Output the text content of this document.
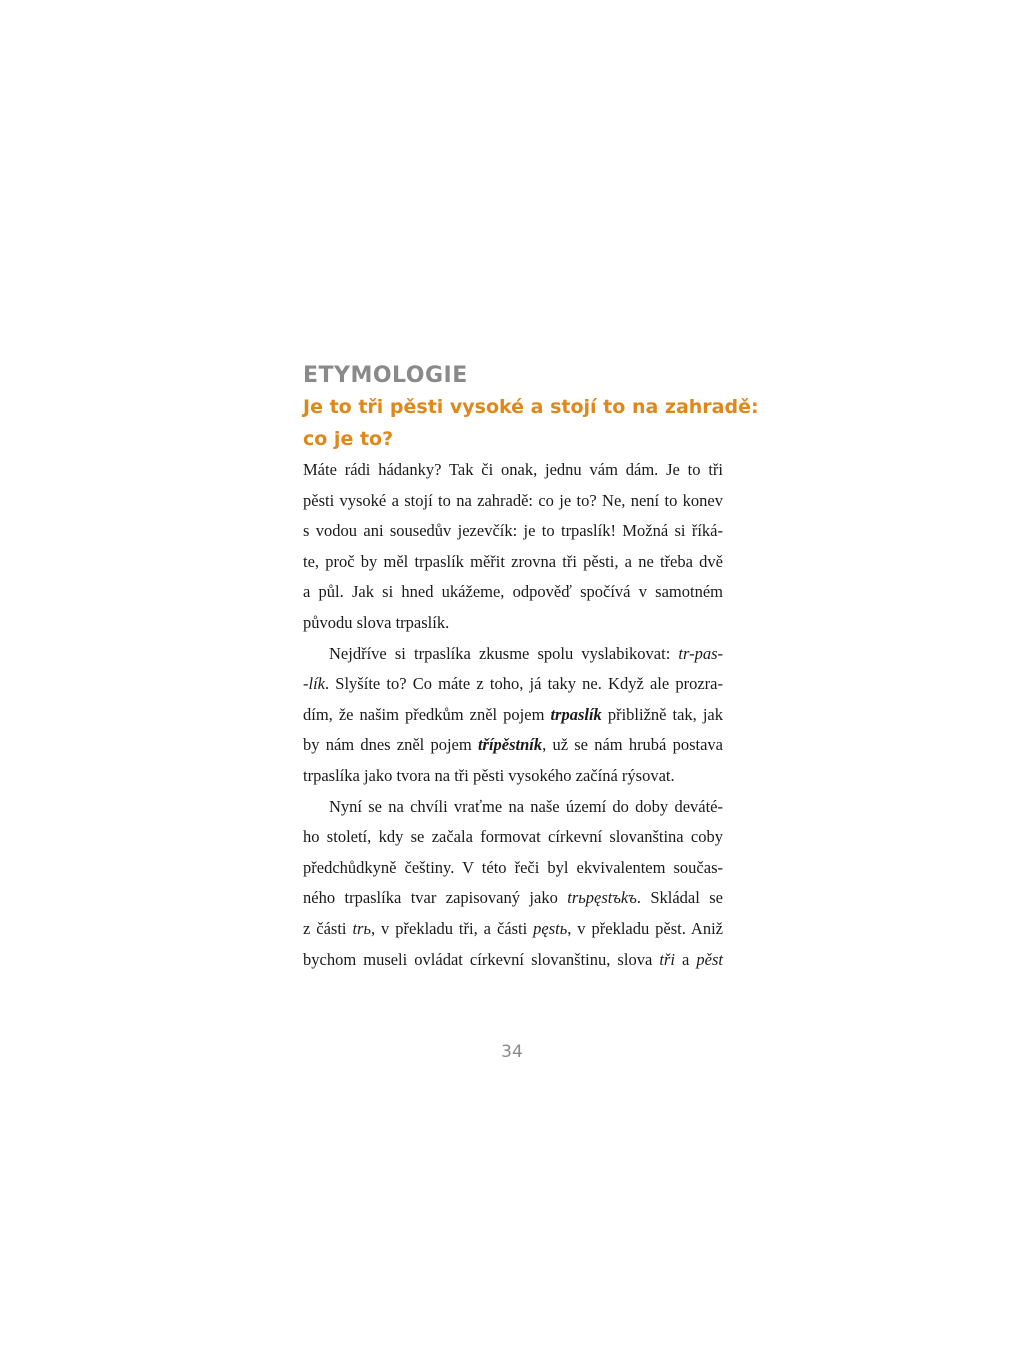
ETYMOLOGIE
Je to tři pěsti vysoké a stojí to na zahradě:
co je to?
Máte rádi hádanky? Tak či onak, jednu vám dám. Je to tři
pěsti vysoké a stojí to na zahradě: co je to? Ne, není to konev
s vodou ani sousedův jezevčík: je to trpaslík! Možná si říká-
te, proč by měl trpaslík měřit zrovna tři pěsti, a ne třeba dvě
a půl. Jak si hned ukážeme, odpověď spočívá v samotném
původu slova trpaslík.
Nejdříve si trpaslíka zkusme spolu vyslabikovat: tr-pas-
-lík. Slyšíte to? Co máte z toho, já taky ne. Když ale prozra-
dím, že našim předkům zněl pojem trpaslík přibližně tak, jak
by nám dnes zněl pojem třípěstník, už se nám hrubá postava
trpaslíka jako tvora na tři pěsti vysokého začíná rýsovat.
Nyní se na chvíli vraťme na naše území do doby deváté-
ho století, kdy se začala formovat církevní slovanština coby
předchůdkyně češtiny. V této řeči byl ekvivalentem součas-
ného trpaslíka tvar zapisovaný jako trьpęstъkъ. Skládal se
z části trь, v překladu tři, a části pęstь, v překladu pěst. Aniž
bychom museli ovládat církevní slovanštinu, slova tři a pěst
34
